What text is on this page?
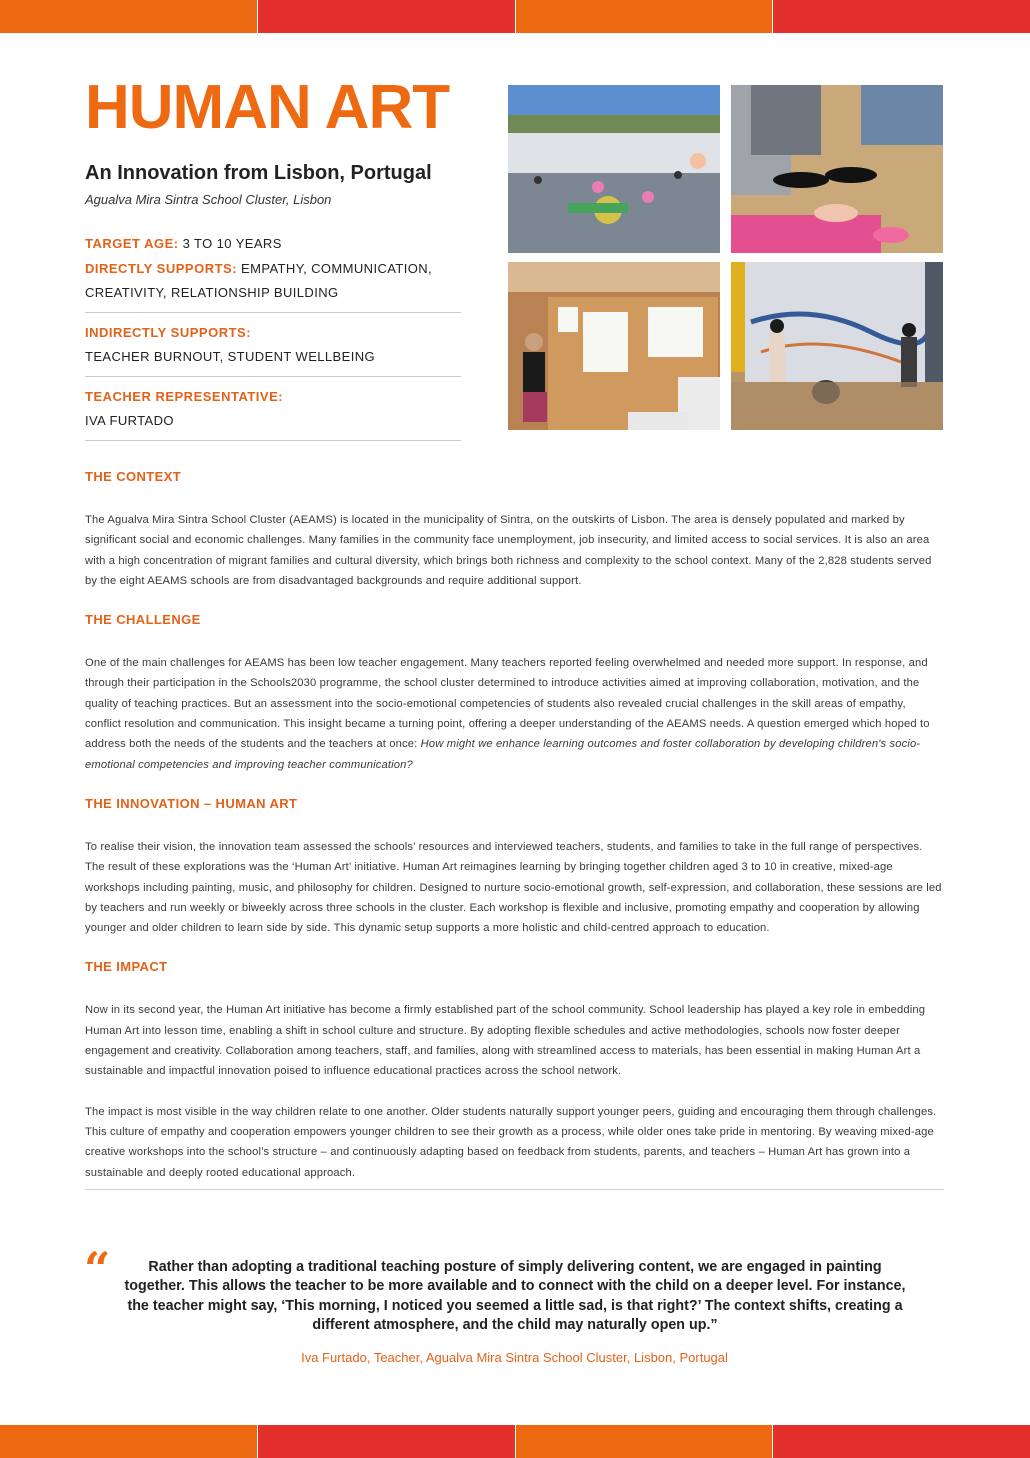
HUMAN ART
An Innovation from Lisbon, Portugal

Agualva Mira Sintra School Cluster, Lisbon

TARGET AGE: 3 TO 10 YEARS

DIRECTLY SUPPORTS: EMPATHY, COMMUNICATION,

CREATIVITY, RELATIONSHIP BUILDING

INDIRECTLY SUPPORTS:

TEACHER BURNOUT, STUDENT WELLBEING

TEACHER REPRESENTATIVE:

IVA FURTADO

THE CONTEXT

The Agualva Mira Sintra School Cluster (AEAMS) is located in the municipality of Sintra, on the outskirts of Lisbon. The area is densely populated and marked by significant social and economic challenges. Many families in the community face unemployment, job insecurity, and limited access to social services. It is also an area with a high concentration of migrant families and cultural diversity, which brings both richness and complexity to the school context. Many of the 2,828 students served by the eight AEAMS schools are from disadvantaged backgrounds and require additional support.

THE CHALLENGE

One of the main challenges for AEAMS has been low teacher engagement. Many teachers reported feeling overwhelmed and needed more support. In response, and through their participation in the Schools2030 programme, the school cluster determined to introduce activities aimed at improving collaboration, motivation, and the quality of teaching practices. But an assessment into the socio-emotional competencies of students also revealed crucial challenges in the skill areas of empathy, conflict resolution and communication. This insight became a turning point, offering a deeper understanding of the AEAMS needs. A question emerged which hoped to address both the needs of the students and the teachers at once: How might we enhance learning outcomes and foster collaboration by developing children's socio-emotional competencies and improving teacher communication?

THE INNOVATION – HUMAN ART

To realise their vision, the innovation team assessed the schools’ resources and interviewed teachers, students, and families to take in the full range of perspectives. The result of these explorations was the ‘Human Art’ initiative. Human Art reimagines learning by bringing together children aged 3 to 10 in creative, mixed-age workshops including painting, music, and philosophy for children. Designed to nurture socio-emotional growth, self-expression, and collaboration, these sessions are led by teachers and run weekly or biweekly across three schools in the cluster. Each workshop is flexible and inclusive, promoting empathy and cooperation by allowing younger and older children to learn side by side. This dynamic setup supports a more holistic and child-centred approach to education.

THE IMPACT

Now in its second year, the Human Art initiative has become a firmly established part of the school community. School leadership has played a key role in embedding Human Art into lesson time, enabling a shift in school culture and structure. By adopting flexible schedules and active methodologies, schools now foster deeper engagement and creativity. Collaboration among teachers, staff, and families, along with streamlined access to materials, has been essential in making Human Art a sustainable and impactful innovation poised to influence educational practices across the school network.

The impact is most visible in the way children relate to one another. Older students naturally support younger peers, guiding and encouraging them through challenges. This culture of empathy and cooperation empowers younger children to see their growth as a process, while older ones take pride in mentoring. By weaving mixed-age creative workshops into the school’s structure – and continuously adapting based on feedback from students, parents, and teachers – Human Art has grown into a sustainable and deeply rooted educational approach.

“	Rather than adopting a traditional teaching posture of simply delivering content, we are engaged in painting together. This allows the teacher to be more available and to connect with the child on a deeper level. For instance, the teacher might say, ‘This morning, I noticed you seemed a little sad, is that right?’ The context shifts, creating a different atmosphere, and the child may naturally open up.”

Iva Furtado, Teacher, Agualva Mira Sintra School Cluster, Lisbon, Portugal
